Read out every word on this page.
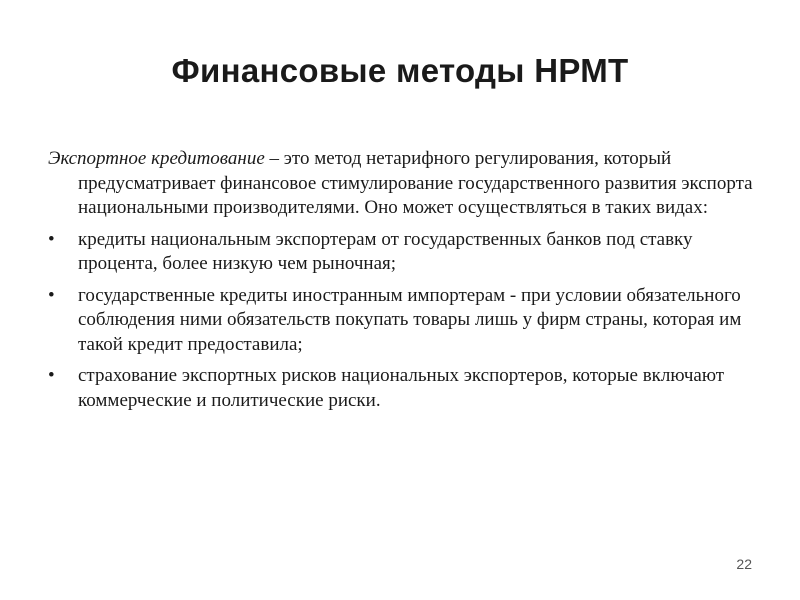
Финансовые методы НРМТ

Экспортное кредитование – это метод нетарифного регулирования, который предусматривает финансовое стимулирование государственного развития экспорта национальными производителями. Оно может осуществляться в таких видах:

•	кредиты национальным экспортерам от государственных банков под ставку процента, более низкую чем рыночная;
•	государственные кредиты иностранным импортерам - при условии обязательного соблюдения ними обязательств покупать товары лишь у фирм страны, которая им такой кредит предоставила;
•	страхование экспортных рисков национальных экспортеров, которые включают коммерческие и политические риски.
22
